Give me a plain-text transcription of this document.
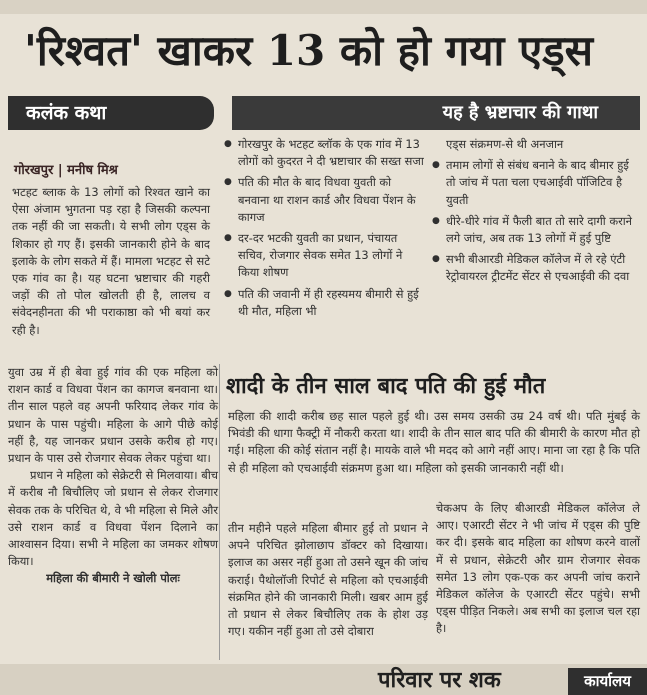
'रिश्वत' खाकर 13 को हो गया एड्स
कलंक कथा	यह है भ्रष्टाचार की गाथा
गोरखपुर | मनीष मिश्र

भटहट ब्लाक के 13 लोगों को रिश्वत खाने का ऐसा अंजाम भुगतना पड़ रहा है जिसकी कल्पना तक नहीं की जा सकती। ये सभी लोग एड्स के शिकार हो गए हैं। इसकी जानकारी होने के बाद इलाके के लोग सकते में हैं। मामला भटहट से सटे एक गांव का है। यह घटना भ्रष्टाचार की गहरी जड़ों की तो पोल खोलती ही है, लालच व संवेदनहीनता की भी पराकाष्ठा को भी बयां कर रही है।

● गोरखपुर के भटहट ब्लॉक के एक गांव में 13 लोगों को कुदरत ने दी भ्रष्टाचार की सख्त सजा
● पति की मौत के बाद विधवा युवती को बनवाना था राशन कार्ड और विधवा पेंशन के कागज
● दर-दर भटकी युवती का प्रधान, पंचायत सचिव, रोजगार सेवक समेत 13 लोगों ने किया शोषण
● पति की जवानी में ही रहस्यमय बीमारी से हुई थी मौत, महिला भी
एड्स संक्रमण-से थी अनजान
● तमाम लोगों से संबंध बनाने के बाद बीमार हुई तो जांच में पता चला एचआईवी पॉजिटिव है युवती
● धीरे-धीरे गांव में फैली बात तो सारे दागी कराने लगे जांच, अब तक 13 लोगों में हुई पुष्टि
● सभी बीआरडी मेडिकल कॉलेज में ले रहे एंटी रेट्रोवायरल ट्रीटमेंट सेंटर से एचआईवी की दवा
शादी के तीन साल बाद पति की हुई मौत

युवा उम्र में ही बेवा हुई गांव की एक महिला को राशन कार्ड व विधवा पेंशन का कागज बनवाना था। तीन साल पहले वह अपनी फरियाद लेकर गांव के प्रधान के पास पहुंची। महिला के आगे पीछे कोई नहीं है, यह जानकर प्रधान उसके करीब हो गए। प्रधान के पास उसे रोजगार सेवक लेकर पहुंचा था।

प्रधान ने महिला को सेक्रेटरी से मिलवाया। बीच में करीब नौ बिचौलिए जो प्रधान से लेकर रोजगार सेवक तक के परिचित थे, वे भी महिला से मिले और उसे राशन कार्ड व विधवा पेंशन दिलाने का आश्वासन दिया। सभी ने महिला का जमकर शोषण किया।

महिला की बीमारी ने खोली पोलः

महिला की शादी करीब छह साल पहले हुई थी। उस समय उसकी उम्र 24 वर्ष थी। पति मुंबई के भिवंडी की धागा फैक्ट्री में नौकरी करता था। शादी के तीन साल बाद पति की बीमारी के कारण मौत हो गई। महिला की कोई संतान नहीं है। मायके वाले भी मदद को आगे नहीं आए। माना जा रहा है कि पति से ही महिला को एचआईवी संक्रमण हुआ था। महिला को इसकी जानकारी नहीं थी।

तीन महीने पहले महिला बीमार हुई तो प्रधान ने अपने परिचित झोलाछाप डॉक्टर को दिखाया। इलाज का असर नहीं हुआ तो उसने खून की जांच कराई। पैथोलॉजी रिपोर्ट से महिला को एचआईवी संक्रमित होने की जानकारी मिली। खबर आम हुई तो प्रधान से लेकर बिचौलिए तक के होश उड़ गए। यकीन नहीं हुआ तो उसे दोबारा

चेकअप के लिए बीआरडी मेडिकल कॉलेज ले आए। एआरटी सेंटर ने भी जांच में एड्स की पुष्टि कर दी। इसके बाद महिला का शोषण करने वालों में से प्रधान, सेक्रेटरी और ग्राम रोजगार सेवक समेत 13 लोग एक-एक कर अपनी जांच कराने मेडिकल कॉलेज के एआरटी सेंटर पहुंचे। सभी एड्स पीड़ित निकले। अब सभी का इलाज चल रहा है।

परिवार पर शक	कार्यालय
